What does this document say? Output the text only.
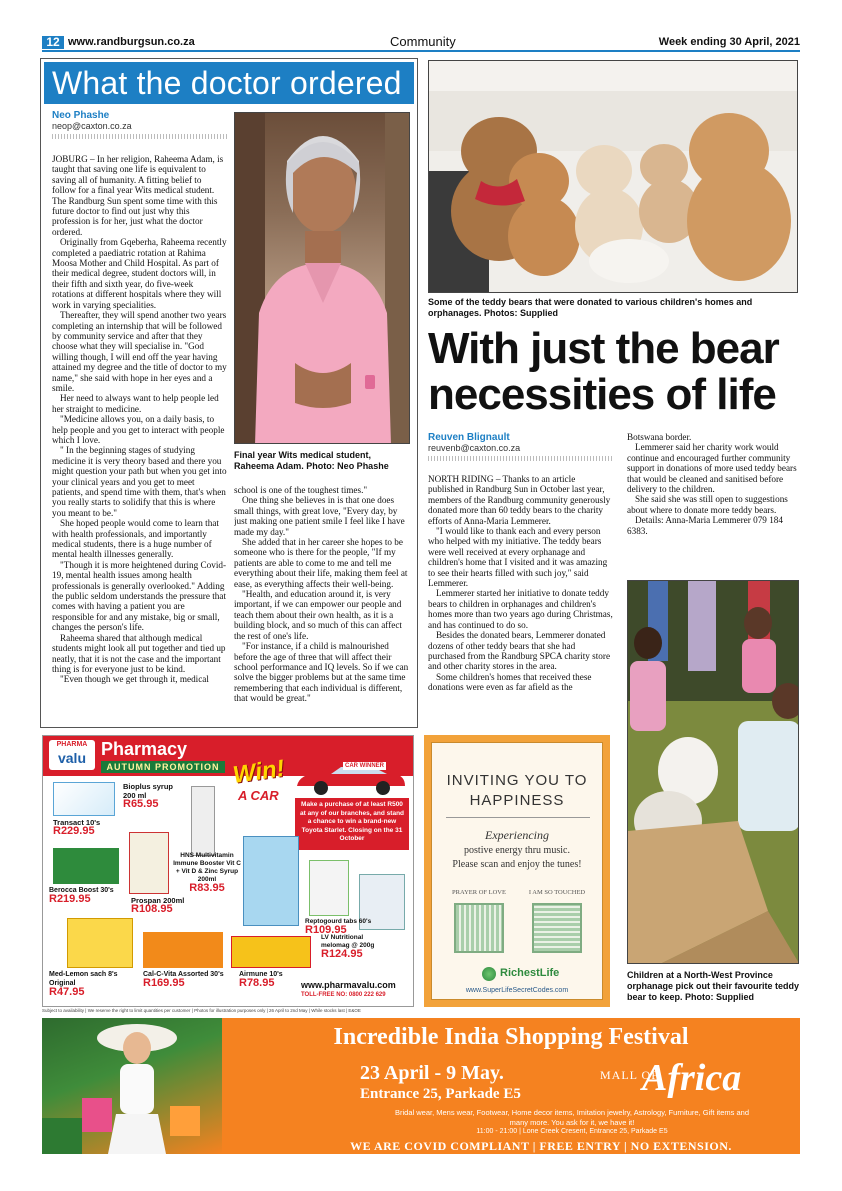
12 www.randburgsun.co.za	Community	Week ending 30 April, 2021
What the doctor ordered
Neo Phashe
neop@caxton.co.za

JOBURG – In her religion, Raheema Adam, is taught that saving one life is equivalent to saving all of humanity. A fitting belief to follow for a final year Wits medical student. The Randburg Sun spent some time with this future doctor to find out just why this profession is for her, just what the doctor ordered.

Originally from Gqeberha, Raheema recently completed a paediatric rotation at Rahima Moosa Mother and Child Hospital. As part of their medical degree, student doctors will, in their fifth and sixth year, do five-week rotations at different hospitals where they will work in varying specialities.

Thereafter, they will spend another two years completing an internship that will be followed by community service and after that they choose what they will specialise in. "God willing though, I will end off the year having attained my degree and the title of doctor to my name," she said with hope in her eyes and a smile.

Her need to always want to help people led her straight to medicine.

"Medicine allows you, on a daily basis, to help people and you get to interact with people which I love.

" In the beginning stages of studying medicine it is very theory based and there you might question your path but when you get into your clinical years and you get to meet patients, and spend time with them, that's when you really starts to solidify that this is where you meant to be."

She hoped people would come to learn that with health professionals, and importantly medical students, there is a huge number of mental health illnesses generally.

"Though it is more heightened during Covid-19, mental health issues among health professionals is generally overlooked." Adding the public seldom understands the pressure that comes with having a patient you are responsible for and any mistake, big or small, changes the person's life.

Raheema shared that although medical students might look all put together and tied up neatly, that it is not the case and the important thing is for everyone just to be kind.

"Even though we get through it, medical

Final year Wits medical student, Raheema Adam. Photo: Neo Phashe

school is one of the toughest times."

One thing she believes in is that one does small things, with great love, "Every day, by just making one patient smile I feel like I have made my day."

She added that in her career she hopes to be someone who is there for the people, "If my patients are able to come to me and tell me everything about their life, making them feel at ease, as everything affects their well-being.

"Health, and education around it, is very important, if we can empower our people and teach them about their own health, as it is a building block, and so much of this can affect the rest of one's life.

"For instance, if a child is malnourished before the age of three that will affect their school performance and IQ levels. So if we can solve the bigger problems but at the same time remembering that each individual is different, that would be great."

Some of the teddy bears that were donated to various children's homes and orphanages. Photos: Supplied
With just the bear
necessities of life
Reuven Blignault
reuvenb@caxton.co.za

NORTH RIDING – Thanks to an article published in Randburg Sun in October last year, members of the Randburg community generously donated more than 60 teddy bears to the charity efforts of Anna-Maria Lemmerer.

"I would like to thank each and every person who helped with my initiative. The teddy bears were well received at every orphanage and children's home that I visited and it was amazing to see their hearts filled with such joy," said Lemmerer.

Lemmerer started her initiative to donate teddy bears to children in orphanages and children's homes more than two years ago during Christmas, and has continued to do so.

Besides the donated bears, Lemmerer donated dozens of other teddy bears that she had purchased from the Randburg SPCA charity store and other charity stores in the area.

Some children's homes that received these donations were even as far afield as the

Botswana border.

Lemmerer said her charity work would continue and encouraged further community support in donations of more used teddy bears that would be cleaned and sanitised before delivery to the children.

She said she was still open to suggestions about where to donate more teddy bears.

Details: Anna-Maria Lemmerer 079 184 6383.

Children at a North-West Province orphanage pick out their favourite teddy bear to keep. Photo: Supplied
PHARMA
valu Pharmacy
AUTUMN PROMOTION Win!
A CAR
CAR WINNER
Make a purchase of at least R500 at any of our branches, and stand a chance to win a brand-new Toyota Starlet. Closing on the 31 October
Bioplus syrup 200 ml
R65.95
Transact 10's
R229.95
Berocca Boost 30's
R219.95	Prospan 200ml
R108.95
HNS Multivitamin Immune Booster Vit C + Vit D & Zinc Syrup 200ml
R83.95
Reptogourd tabs 60's
R109.95
Med-Lemon sach 8's Original
R47.95
Cal-C-Vita Assorted 30's
R169.95
Airmune 10's
R78.95
LV Nutritional melomag @ 200g
R124.95
www.pharmavalu.com
TOLL-FREE NO: 0800 222 629
Subject to availability | We reserve the right to limit quantities per customer | Photos for illustration purposes only | 26 April to 2nd May | While stocks last | E&OE
INVITING YOU TO HAPPINESS
Experiencing
postive energy thru music.
Please scan and enjoy the tunes!
PRAYER OF LOVE	I AM SO TOUCHED
RichestLife
www.SuperLifeSecretCodes.com
Incredible India Shopping Festival
23 April - 9 May.
Entrance 25, Parkade E5
MALL OF
Africa
Bridal wear, Mens wear, Footwear, Home decor items, Imitation jewelry, Astrology, Furniture, Gift items and many more. You ask for it, we have it!
11:00 - 21:00 | Lone Creek Cresent, Entrance 25, Parkade E5
WE ARE COVID COMPLIANT | FREE ENTRY | NO EXTENSION.
